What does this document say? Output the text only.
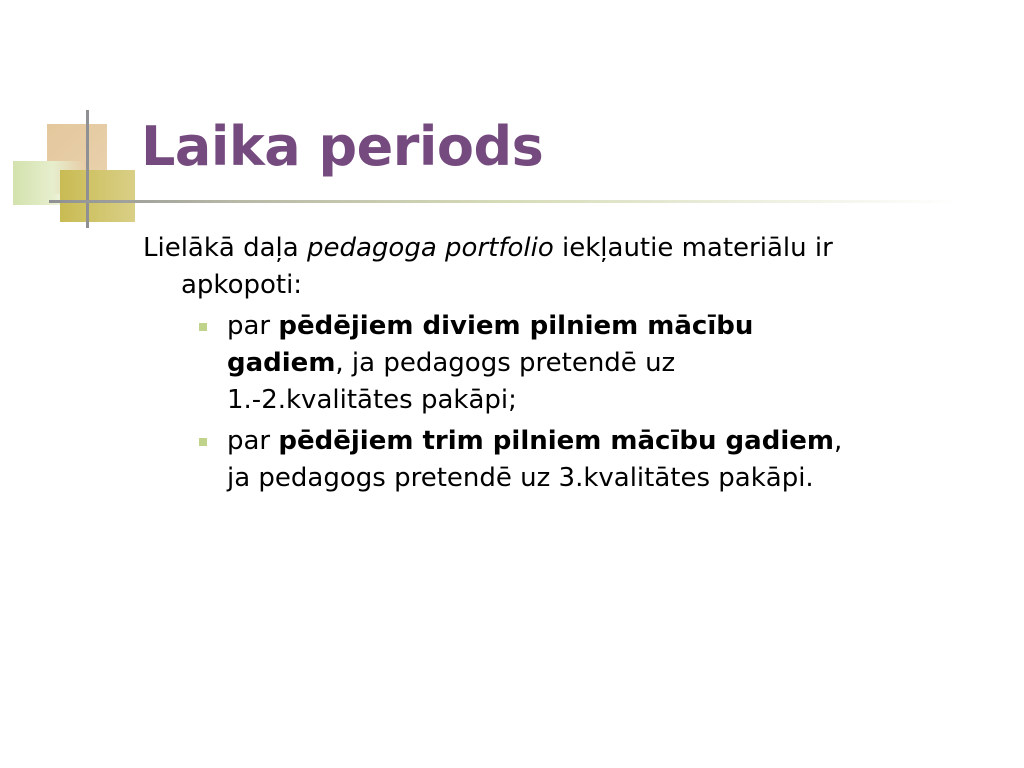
Laika periods

Lielākā daļa pedagoga portfolio iekļautie materiālu ir apkopoti:

par pēdējiem diviem pilniem mācību gadiem, ja pedagogs pretendē uz 1.-2.kvalitātes pakāpi;
par pēdējiem trim pilniem mācību gadiem, ja pedagogs pretendē uz 3.kvalitātes pakāpi.
